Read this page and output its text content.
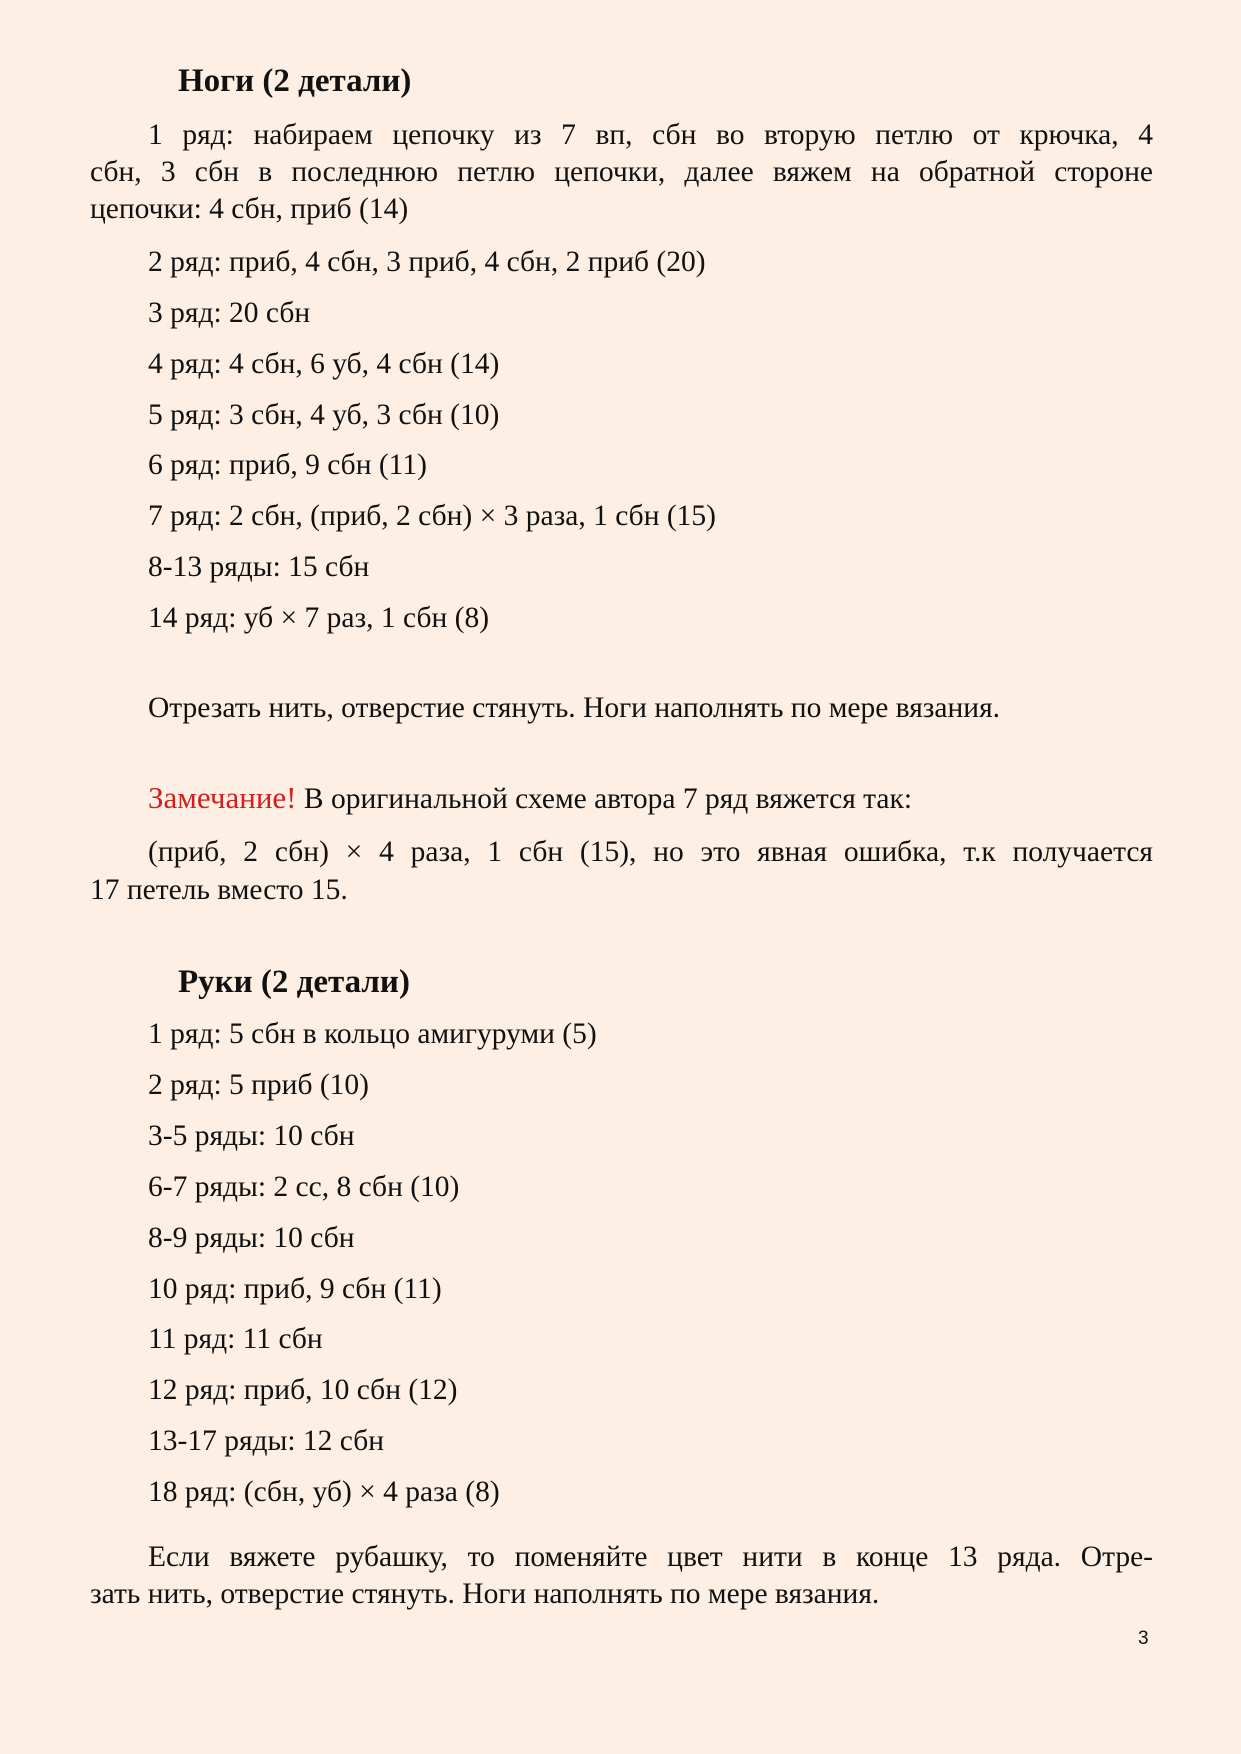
Ноги (2 детали)

1 ряд: набираем цепочку из 7 вп, сбн во вторую петлю от крючка, 4

сбн, 3 сбн в последнюю петлю цепочки, далее вяжем на обратной стороне

цепочки: 4 сбн, приб (14)

2 ряд: приб, 4 сбн, 3 приб, 4 сбн, 2 приб (20)

3 ряд: 20 сбн

4 ряд: 4 сбн, 6 уб, 4 сбн (14)

5 ряд: 3 сбн, 4 уб, 3 сбн (10)

6 ряд: приб, 9 сбн (11)

7 ряд: 2 сбн, (приб, 2 сбн) × 3 раза, 1 сбн (15)

8-13 ряды: 15 сбн

14 ряд: уб × 7 раз, 1 сбн (8)

Отрезать нить, отверстие стянуть. Ноги наполнять по мере вязания.

Замечание! В оригинальной схеме автора 7 ряд вяжется так:

(приб, 2 сбн) × 4 раза, 1 сбн (15), но это явная ошибка, т.к получается

17 петель вместо 15.

Руки (2 детали)

1 ряд: 5 сбн в кольцо амигуруми (5)

2 ряд: 5 приб (10)

3-5 ряды: 10 сбн

6-7 ряды: 2 сс, 8 сбн (10)

8-9 ряды: 10 сбн

10 ряд: приб, 9 сбн (11)

11 ряд: 11 сбн

12 ряд: приб, 10 сбн (12)

13-17 ряды: 12 сбн

18 ряд: (сбн, уб) × 4 раза (8)

Если вяжете рубашку, то поменяйте цвет нити в конце 13 ряда. Отре-

зать нить, отверстие стянуть. Ноги наполнять по мере вязания.

3
